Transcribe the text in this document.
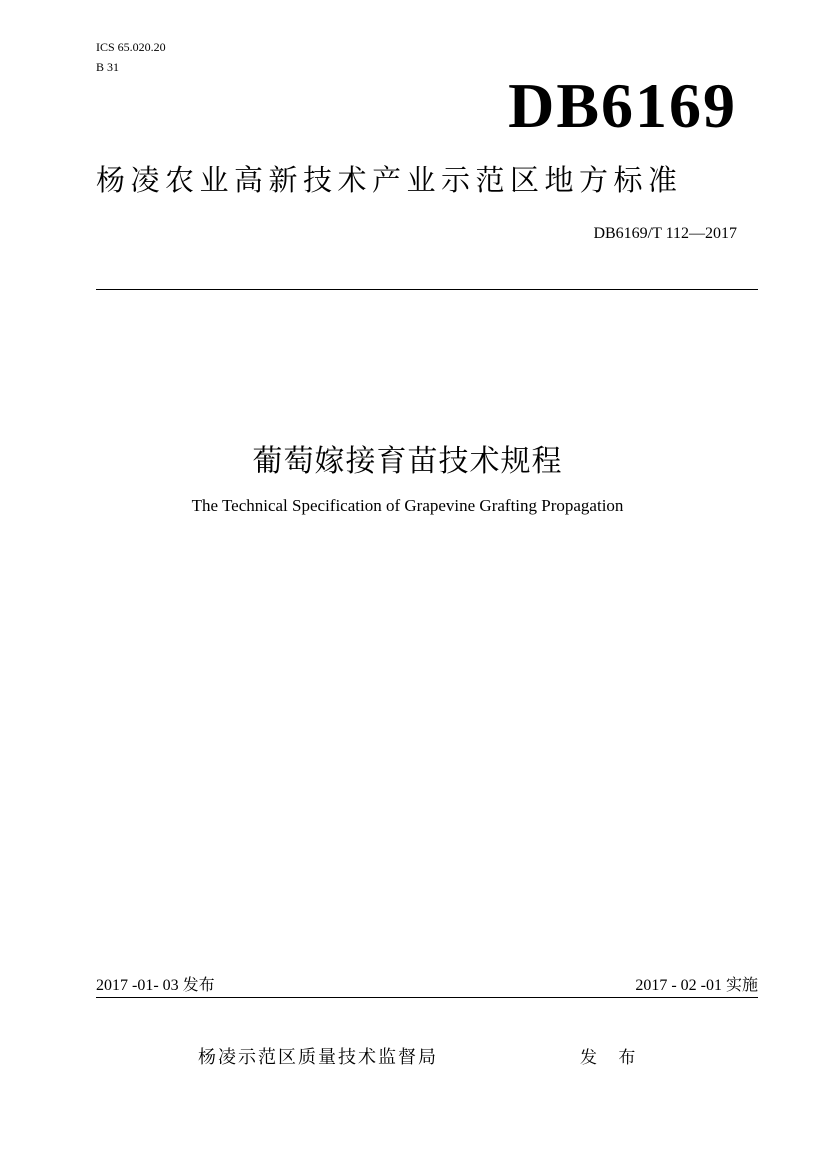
ICS 65.020.20
B 31
DB6169
杨凌农业高新技术产业示范区地方标准
DB6169/T 112—2017
葡萄嫁接育苗技术规程
The Technical Specification of Grapevine Grafting Propagation
2017 -01- 03 发布	2017 - 02 -01 实施
杨凌示范区质量技术监督局	发 布
